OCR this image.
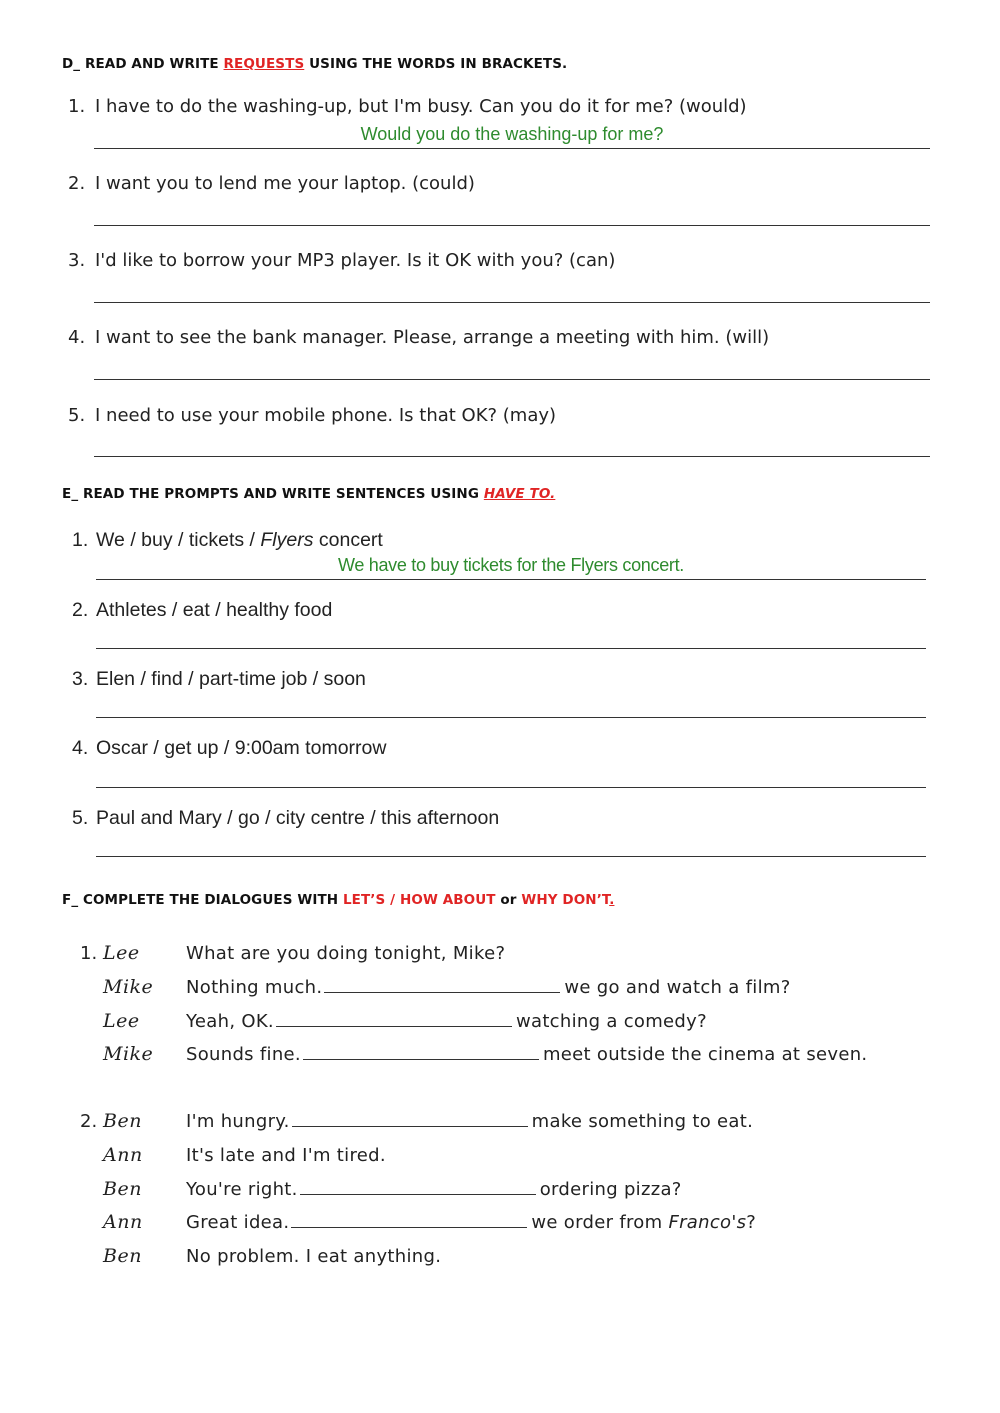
D_ READ AND WRITE REQUESTS USING THE WORDS IN BRACKETS.
1. I have to do the washing-up, but I'm busy. Can you do it for me? (would)
Would you do the washing-up for me?
2. I want you to lend me your laptop. (could)
3. I'd like to borrow your MP3 player. Is it OK with you? (can)
4. I want to see the bank manager. Please, arrange a meeting with him. (will)
5. I need to use your mobile phone. Is that OK? (may)
E_ READ THE PROMPTS AND WRITE SENTENCES USING HAVE TO.
1. We / buy / tickets / Flyers concert
We have to buy tickets for the Flyers concert.
2. Athletes / eat / healthy food
3. Elen / find / part-time job / soon
4. Oscar / get up / 9:00am tomorrow
5. Paul and Mary / go / city centre / this afternoon
F_ COMPLETE THE DIALOGUES WITH LET’S / HOW ABOUT or WHY DON’T.
1. Lee	What are you doing tonight, Mike?
Mike Nothing much.	we go and watch a film?
Lee	Yeah, OK.	watching a comedy?
Mike Sounds fine.	meet outside the cinema at seven.
2. Ben I'm hungry.	make something to eat.
Ann It's late and I'm tired.
Ben You're right.	ordering pizza?
Ann Great idea.	we order from Franco's?
Ben No problem. I eat anything.
